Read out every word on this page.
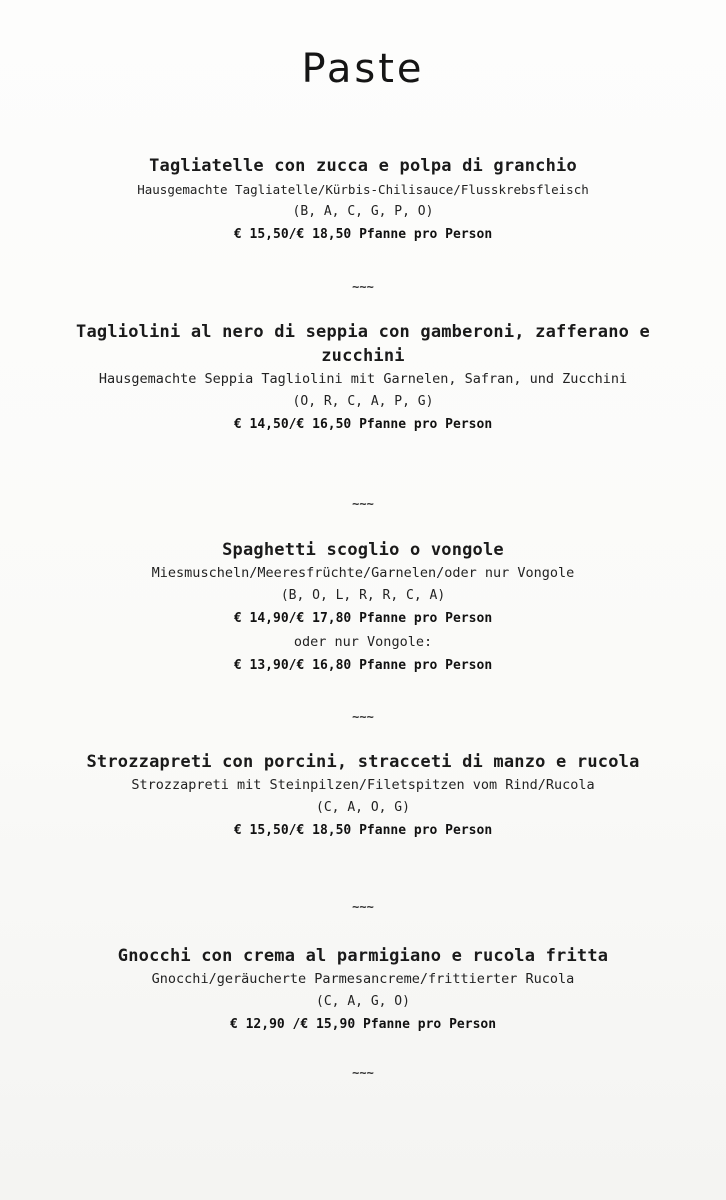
Paste
Tagliatelle con zucca e polpa di granchio
Hausgemachte Tagliatelle/Kürbis-Chilisauce/Flusskrebsfleisch
(B, A, C, G, P, O)
€ 15,50/€ 18,50 Pfanne pro Person
~~~
Tagliolini al nero di seppia con gamberoni, zafferano e zucchini
Hausgemachte Seppia Tagliolini mit Garnelen, Safran, und Zucchini
(O, R, C, A, P, G)
€ 14,50/€ 16,50 Pfanne pro Person
~~~
Spaghetti scoglio o vongole
Miesmuscheln/Meeresfrüchte/Garnelen/oder nur Vongole
(B, O, L, R, R, C, A)
€ 14,90/€ 17,80 Pfanne pro Person
oder nur Vongole:
€ 13,90/€ 16,80 Pfanne pro Person
~~~
Strozzapreti con porcini, stracceti di manzo e rucola
Strozzapreti mit Steinpilzen/Filetspitzen vom Rind/Rucola
(C, A, O, G)
€ 15,50/€ 18,50 Pfanne pro Person
~~~
Gnocchi con crema al parmigiano e rucola fritta
Gnocchi/geräucherte Parmesancreme/frittierter Rucola
(C, A, G, O)
€ 12,90 /€ 15,90 Pfanne pro Person
~~~
